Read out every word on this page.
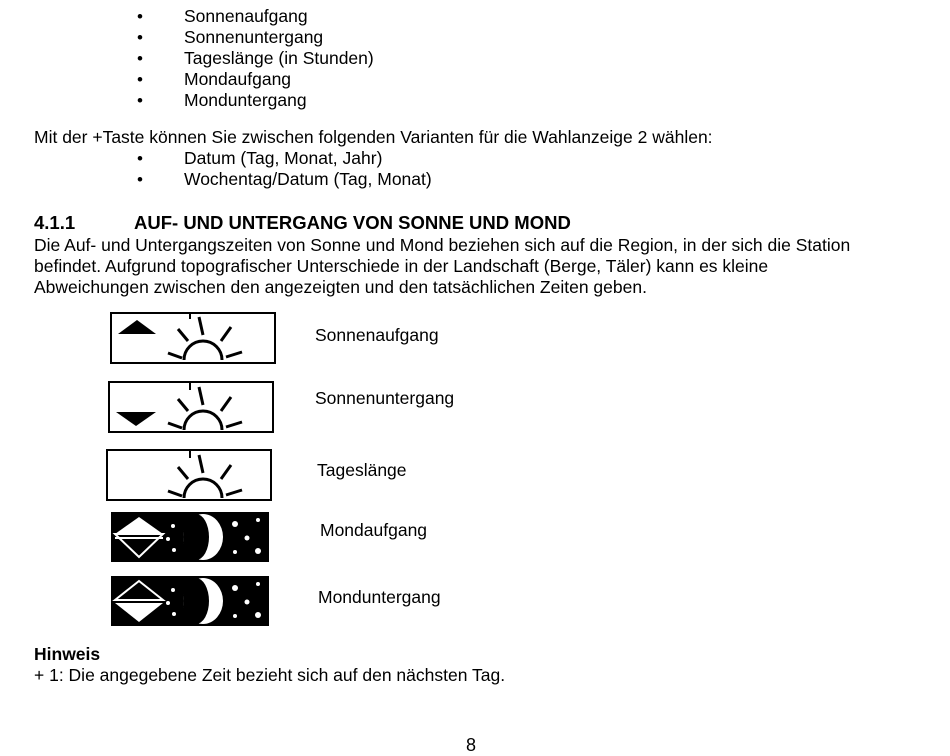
• Sonnenaufgang
• Sonnenuntergang
• Tageslänge (in Stunden)
• Mondaufgang
• Monduntergang
Mit der +Taste können Sie zwischen folgenden Varianten für die Wahlanzeige 2 wählen:
• Datum (Tag, Monat, Jahr)
• Wochentag/Datum (Tag, Monat)
4.1.1	AUF- UND UNTERGANG VON SONNE UND MOND
Die Auf- und Untergangszeiten von Sonne und Mond beziehen sich auf die Region, in der sich die Station
befindet. Aufgrund topografischer Unterschiede in der Landschaft (Berge, Täler) kann es kleine
Abweichungen zwischen den angezeigten und den tatsächlichen Zeiten geben.
Sonnenaufgang
Sonnenuntergang
Tageslänge
Mondaufgang
Monduntergang
Hinweis
+ 1: Die angegebene Zeit bezieht sich auf den nächsten Tag.
8
